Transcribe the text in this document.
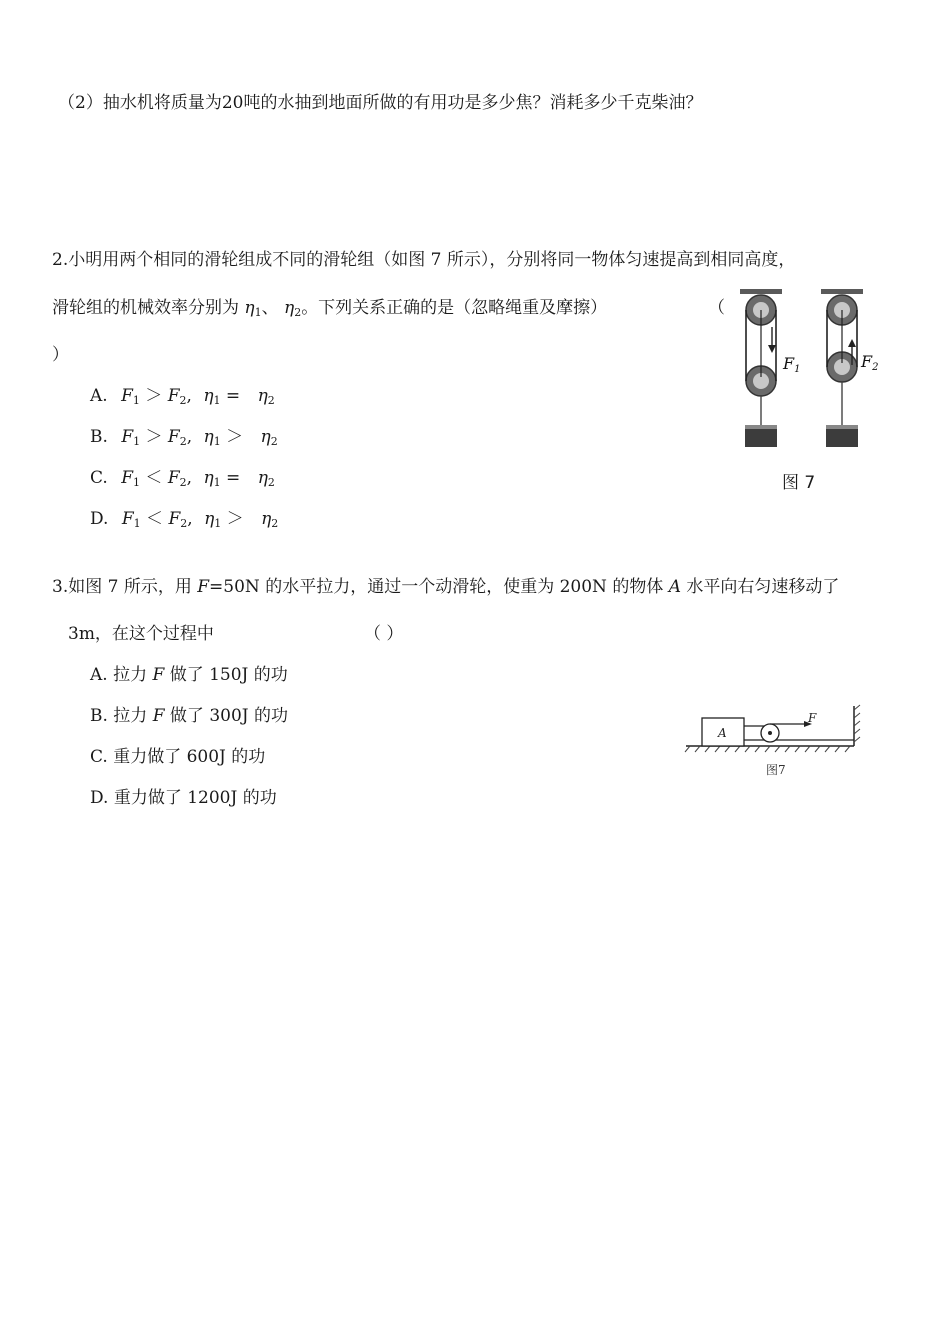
（2）抽水机将质量为20吨的水抽到地面所做的有用功是多少焦？消耗多少千克柴油？
2.小明用两个相同的滑轮组成不同的滑轮组（如图 7 所示），分别将同一物体匀速提高到相同高度，
滑轮组的机械效率分别为 $\eta_1$、 $\eta_2$。下列关系正确的是（忽略绳重及摩擦）	（
）
A. $F_1 > F_2$, $\eta_1 = \eta_2$
B. $F_1 > F_2$, $\eta_1 > \eta_2$
C. $F_1 < F_2$, $\eta_1 = \eta_2$
D. $F_1 < F_2$, $\eta_1 > \eta_2$
F1	F2
图 7
3.如图 7 所示，用 F=50N 的水平拉力，通过一个动滑轮，使重为 200N 的物体 A 水平向右匀速移动了
3m，在这个过程中	（ ）
A. 拉力 F 做了 150J 的功
B. 拉力 F 做了 300J 的功
C. 重力做了 600J 的功
D. 重力做了 1200J 的功
A
F
图7
